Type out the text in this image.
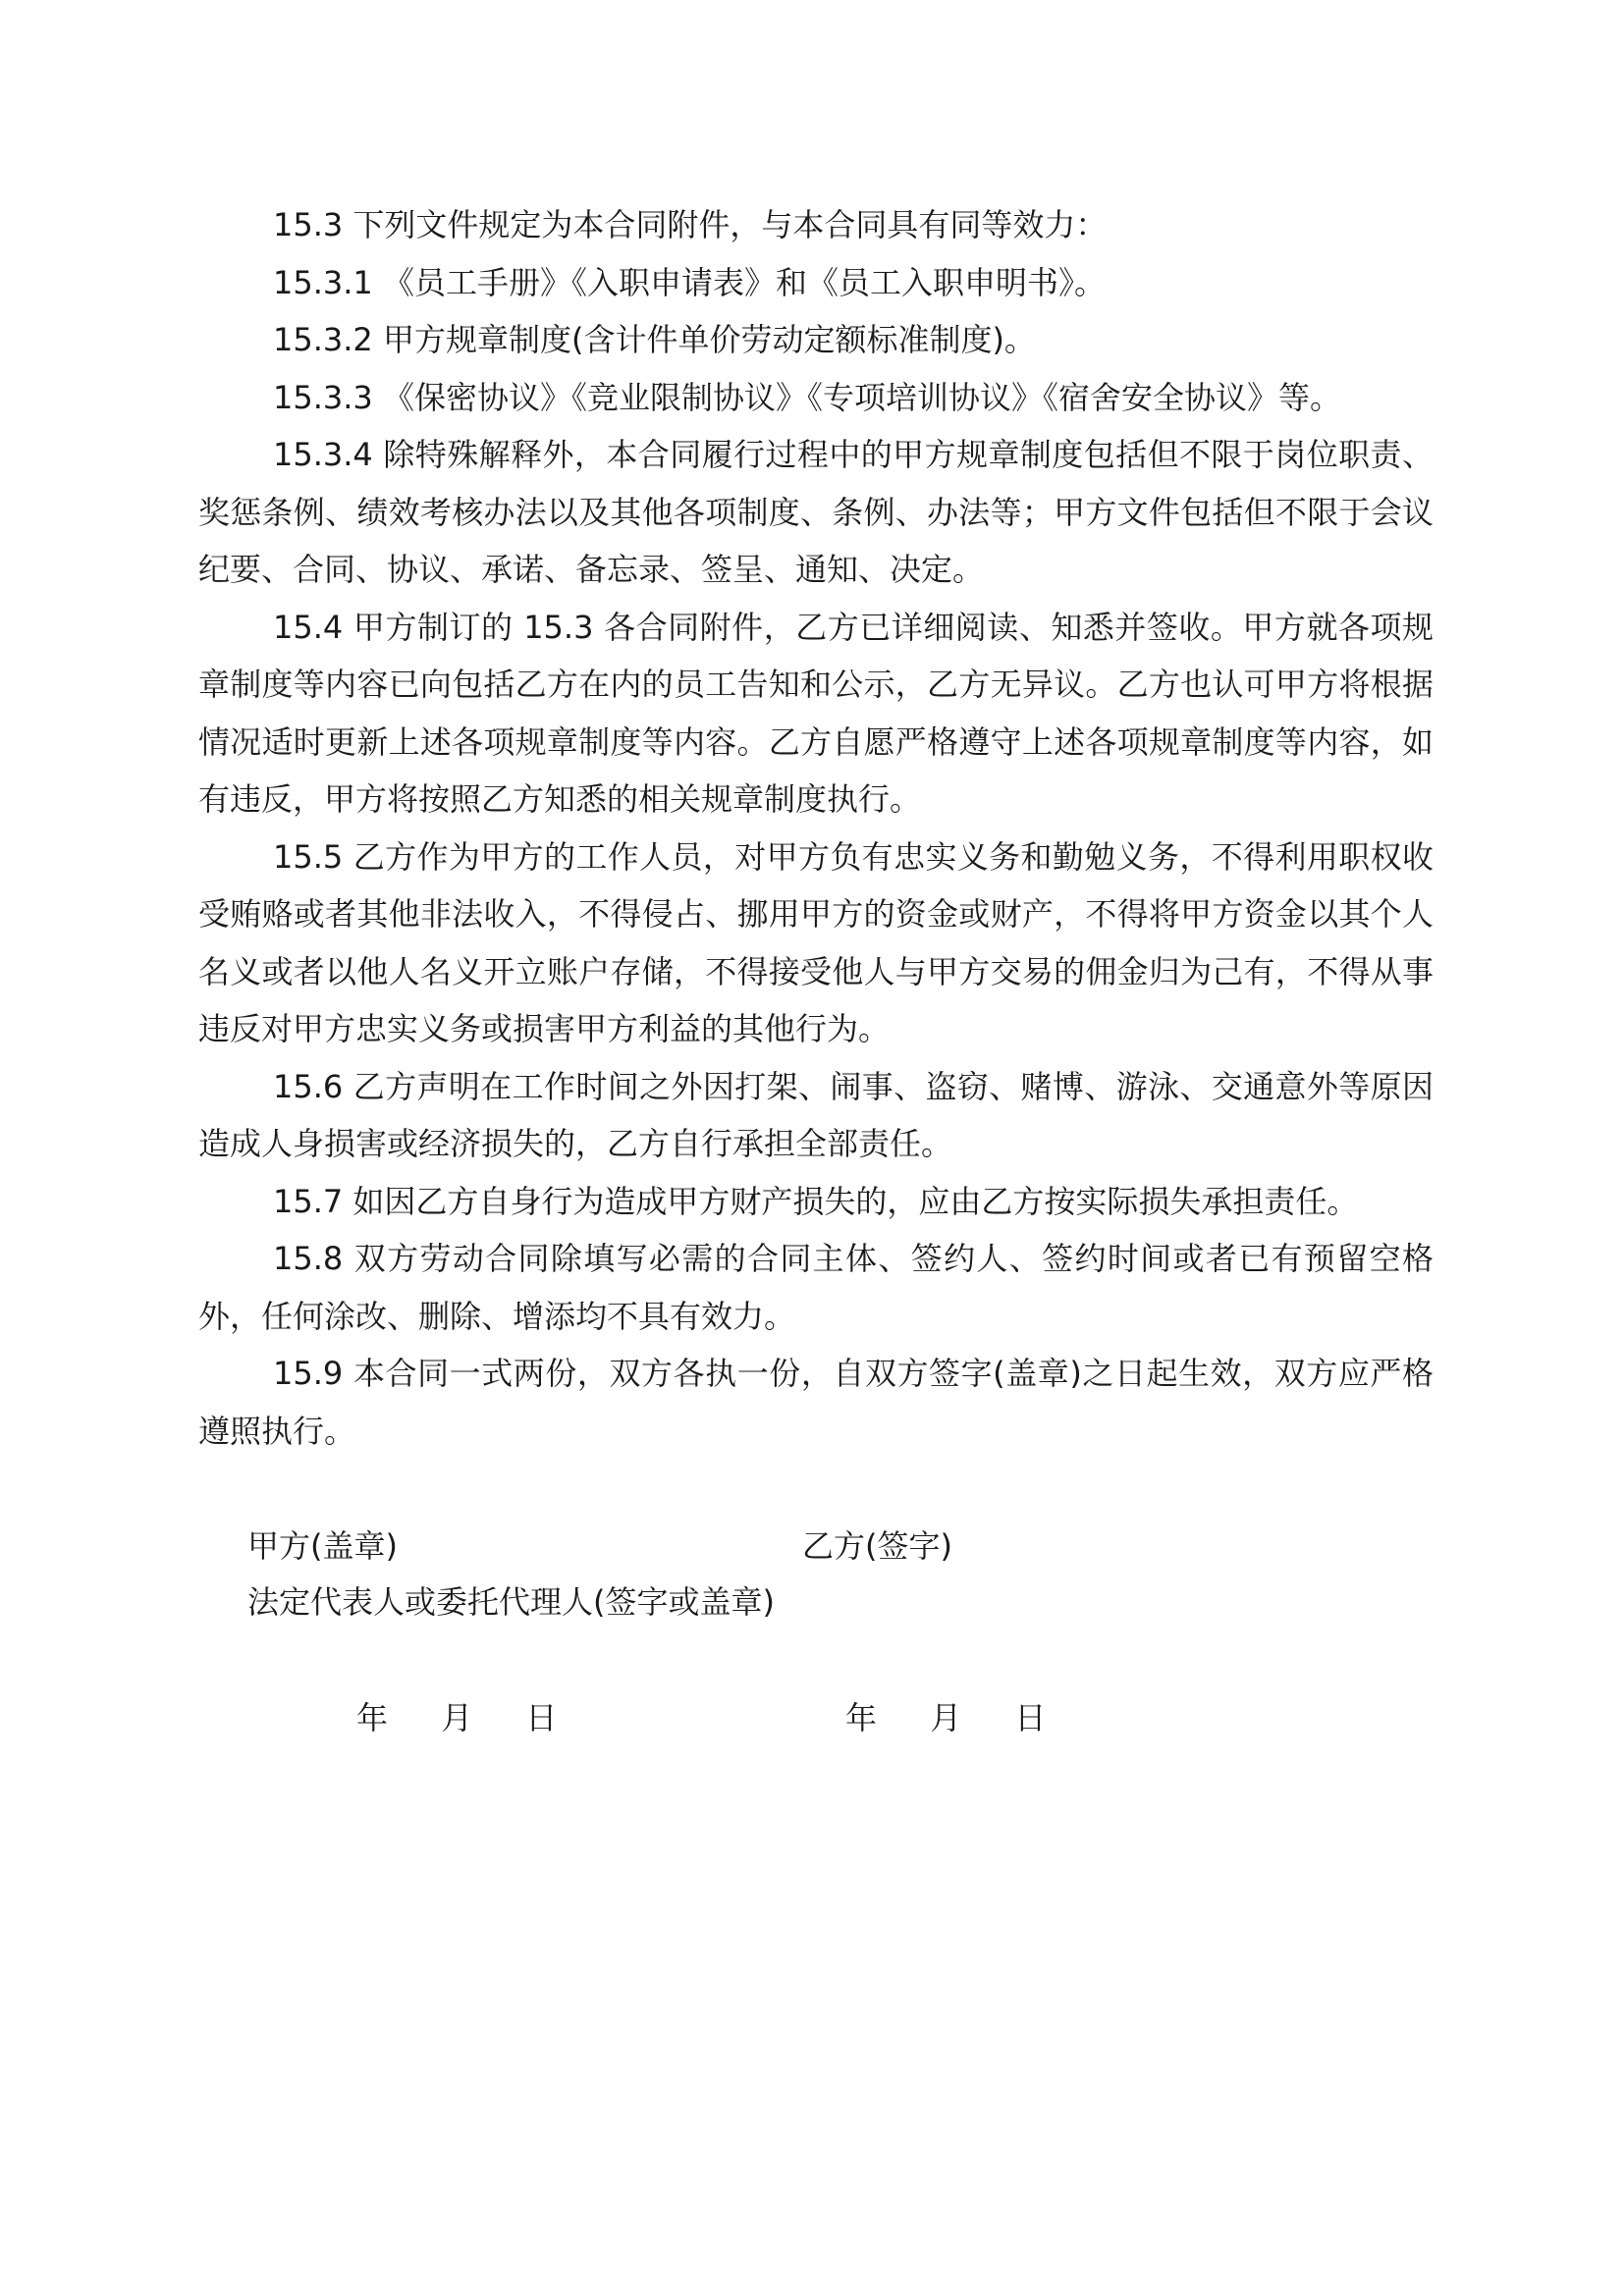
15.3 下列文件规定为本合同附件，与本合同具有同等效力：

15.3.1 《员工手册》《入职申请表》和《员工入职申明书》。

15.3.2 甲方规章制度(含计件单价劳动定额标准制度)。

15.3.3 《保密协议》《竞业限制协议》《专项培训协议》《宿舍安全协议》等。

15.3.4 除特殊解释外，本合同履行过程中的甲方规章制度包括但不限于岗位职责、奖惩条例、绩效考核办法以及其他各项制度、条例、办法等；甲方文件包括但不限于会议纪要、合同、协议、承诺、备忘录、签呈、通知、决定。

15.4 甲方制订的 15.3 各合同附件，乙方已详细阅读、知悉并签收。甲方就各项规章制度等内容已向包括乙方在内的员工告知和公示，乙方无异议。乙方也认可甲方将根据情况适时更新上述各项规章制度等内容。乙方自愿严格遵守上述各项规章制度等内容，如有违反，甲方将按照乙方知悉的相关规章制度执行。

15.5 乙方作为甲方的工作人员，对甲方负有忠实义务和勤勉义务，不得利用职权收受贿赂或者其他非法收入，不得侵占、挪用甲方的资金或财产，不得将甲方资金以其个人名义或者以他人名义开立账户存储，不得接受他人与甲方交易的佣金归为己有，不得从事违反对甲方忠实义务或损害甲方利益的其他行为。

15.6 乙方声明在工作时间之外因打架、闹事、盗窃、赌博、游泳、交通意外等原因造成人身损害或经济损失的，乙方自行承担全部责任。

15.7 如因乙方自身行为造成甲方财产损失的，应由乙方按实际损失承担责任。

15.8 双方劳动合同除填写必需的合同主体、签约人、签约时间或者已有预留空格外，任何涂改、删除、增添均不具有效力。

15.9 本合同一式两份，双方各执一份，自双方签字(盖章)之日起生效，双方应严格遵照执行。

甲方(盖章)	乙方(签字)
法定代表人或委托代理人(签字或盖章)
年 月 日	年 月 日
